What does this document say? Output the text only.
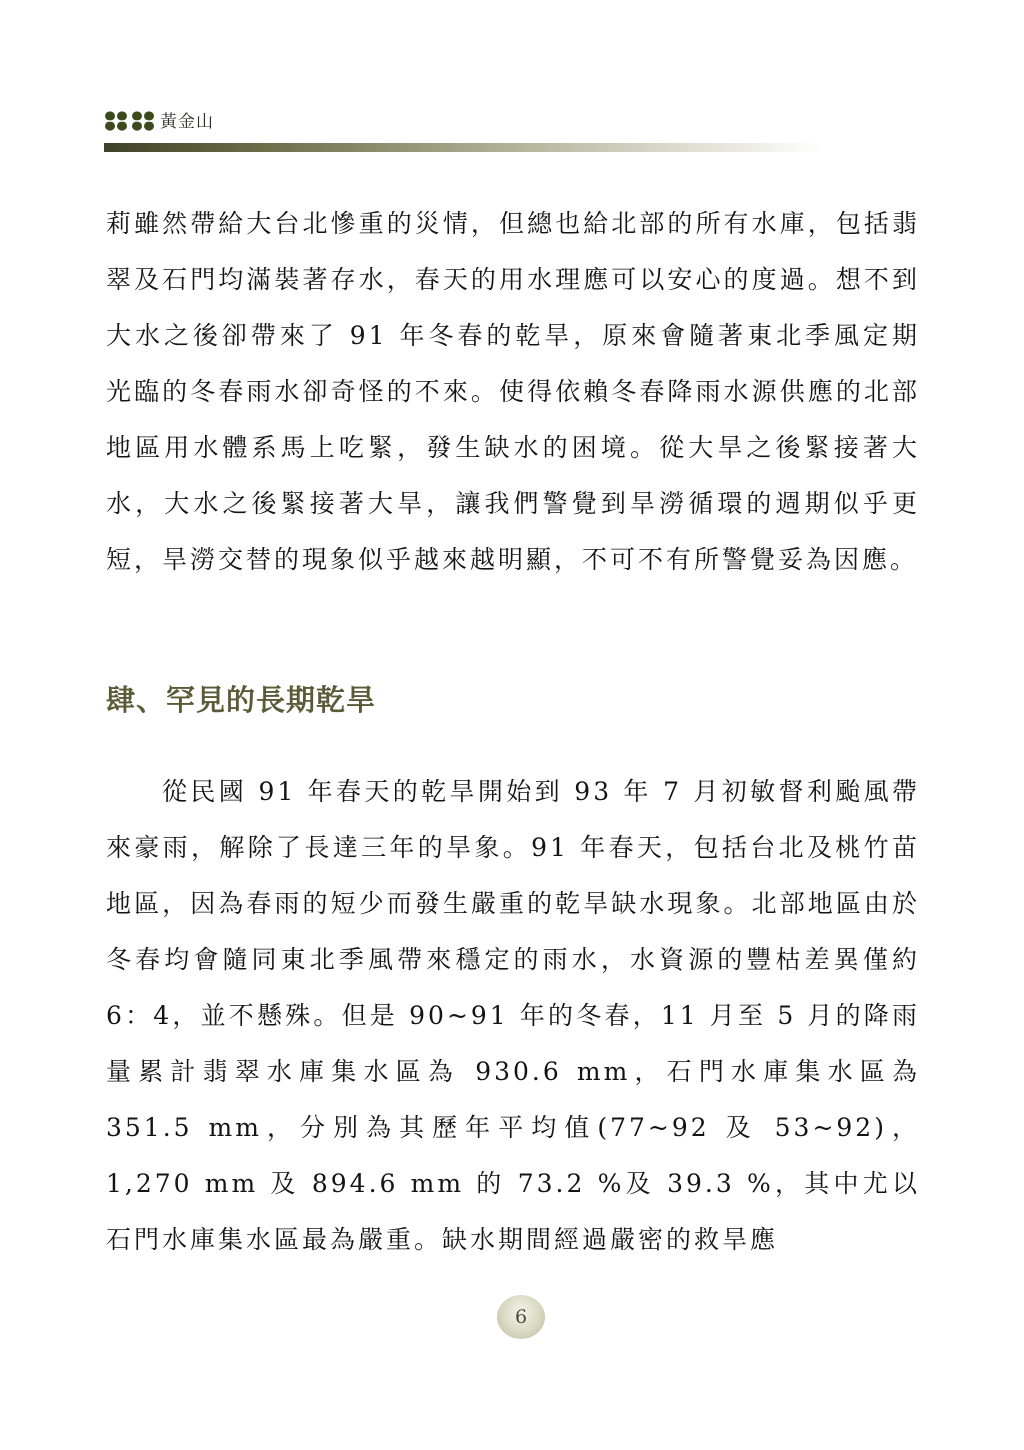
黃金山

莉雖然帶給大台北慘重的災情，但總也給北部的所有水庫，包括翡翠及石門均滿裝著存水，春天的用水理應可以安心的度過。想不到大水之後卻帶來了 91 年冬春的乾旱，原來會隨著東北季風定期光臨的冬春雨水卻奇怪的不來。使得依賴冬春降雨水源供應的北部地區用水體系馬上吃緊，發生缺水的困境。從大旱之後緊接著大水，大水之後緊接著大旱，讓我們警覺到旱澇循環的週期似乎更短，旱澇交替的現象似乎越來越明顯，不可不有所警覺妥為因應。

肆、罕見的長期乾旱

從民國 91 年春天的乾旱開始到 93 年 7 月初敏督利颱風帶來豪雨，解除了長達三年的旱象。91 年春天，包括台北及桃竹苗地區，因為春雨的短少而發生嚴重的乾旱缺水現象。北部地區由於冬春均會隨同東北季風帶來穩定的雨水，水資源的豐枯差異僅約 6：4，並不懸殊。但是 90~91 年的冬春，11 月至 5 月的降雨量累計翡翠水庫集水區為 930.6 mm，石門水庫集水區為 351.5 mm，分別為其歷年平均值(77~92 及 53~92)，1,270 mm 及 894.6 mm 的 73.2 %及 39.3 %，其中尤以石門水庫集水區最為嚴重。缺水期間經過嚴密的救旱應

6
